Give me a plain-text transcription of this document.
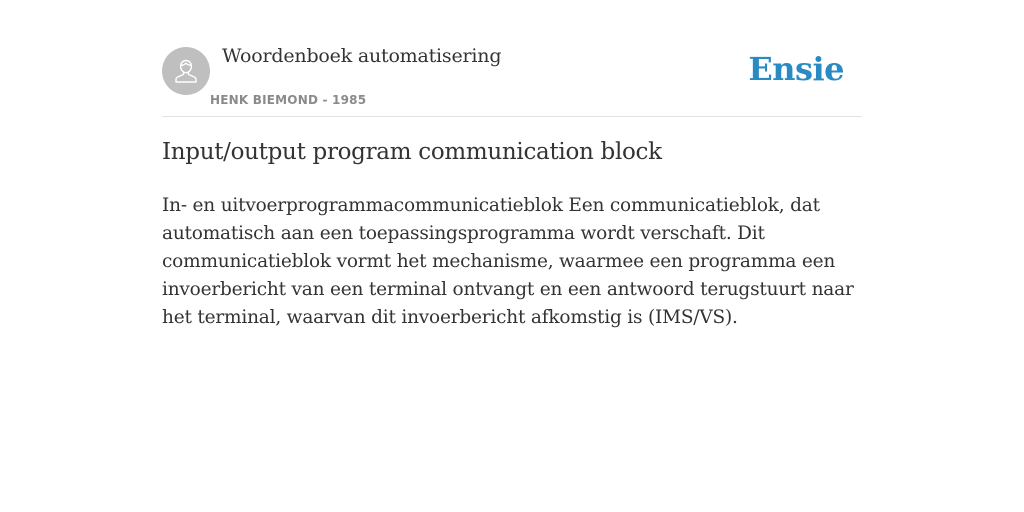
Woordenboek automatisering
HENK BIEMOND - 1985
Ensie
Input/output program communication block

In- en uitvoerprogrammacommunicatieblok Een communicatieblok, dat automatisch aan een toepassingsprogramma wordt verschaft. Dit communicatieblok vormt het mechanisme, waarmee een programma een invoerbericht van een terminal ontvangt en een antwoord terugstuurt naar het terminal, waarvan dit invoerbericht afkomstig is (IMS/VS).
